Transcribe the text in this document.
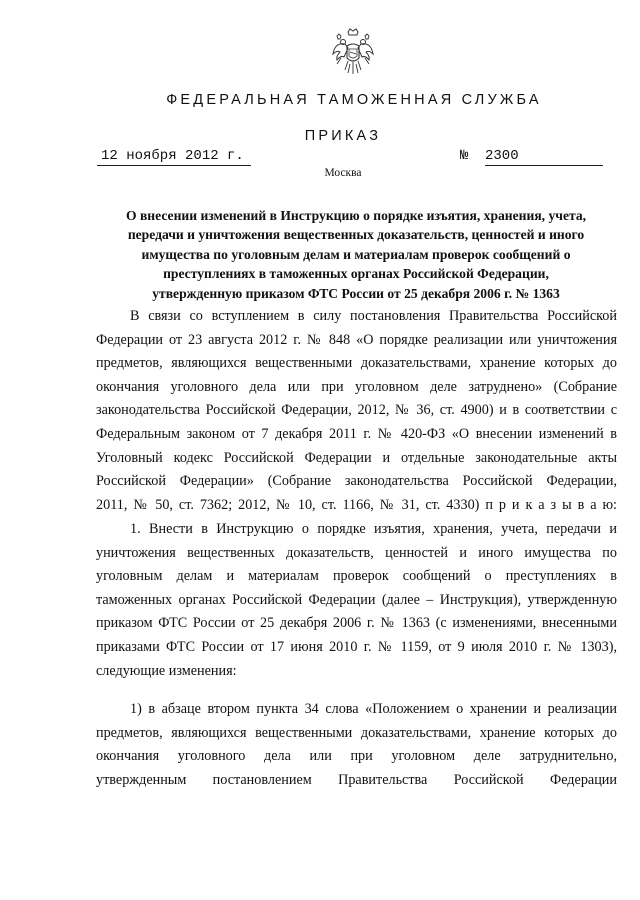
ФЕДЕРАЛЬНАЯ ТАМОЖЕННАЯ СЛУЖБА
ПРИКАЗ
12 ноября 2012 г.	№ 2300
Москва
О внесении изменений в Инструкцию о порядке изъятия, хранения, учета,
передачи и уничтожения вещественных доказательств, ценностей и иного
имущества по уголовным делам и материалам проверок сообщений о
преступлениях в таможенных органах Российской Федерации,
утвержденную приказом ФТС России от 25 декабря 2006 г. № 1363
В связи со вступлением в силу постановления Правительства Российской
Федерации от 23 августа 2012 г. № 848 «О порядке реализации или уничтожения
предметов, являющихся вещественными доказательствами, хранение которых до
окончания уголовного дела или при уголовном деле затруднено» (Собрание
законодательства Российской Федерации, 2012, № 36, ст. 4900) и в соответствии с
Федеральным законом от 7 декабря 2011 г. № 420-ФЗ «О внесении изменений в
Уголовный кодекс Российской Федерации и отдельные законодательные акты
Российской Федерации» (Собрание законодательства Российской Федерации,
2011, № 50, ст. 7362; 2012, № 10, ст. 1166, № 31, ст. 4330) п р и к а з ы в а ю:
1. Внести в Инструкцию о порядке изъятия, хранения, учета, передачи и
уничтожения вещественных доказательств, ценностей и иного имущества по
уголовным делам и материалам проверок сообщений о преступлениях в
таможенных органах Российской Федерации (далее – Инструкция), утвержденную
приказом ФТС России от 25 декабря 2006 г. № 1363 (с изменениями, внесенными
приказами ФТС России от 17 июня 2010 г. № 1159, от 9 июля 2010 г. № 1303),
следующие изменения:
1) в абзаце втором пункта 34 слова «Положением о хранении и реализации
предметов, являющихся вещественными доказательствами, хранение которых до
окончания уголовного дела или при уголовном деле затруднительно,
утвержденным постановлением Правительства Российской Федерации
